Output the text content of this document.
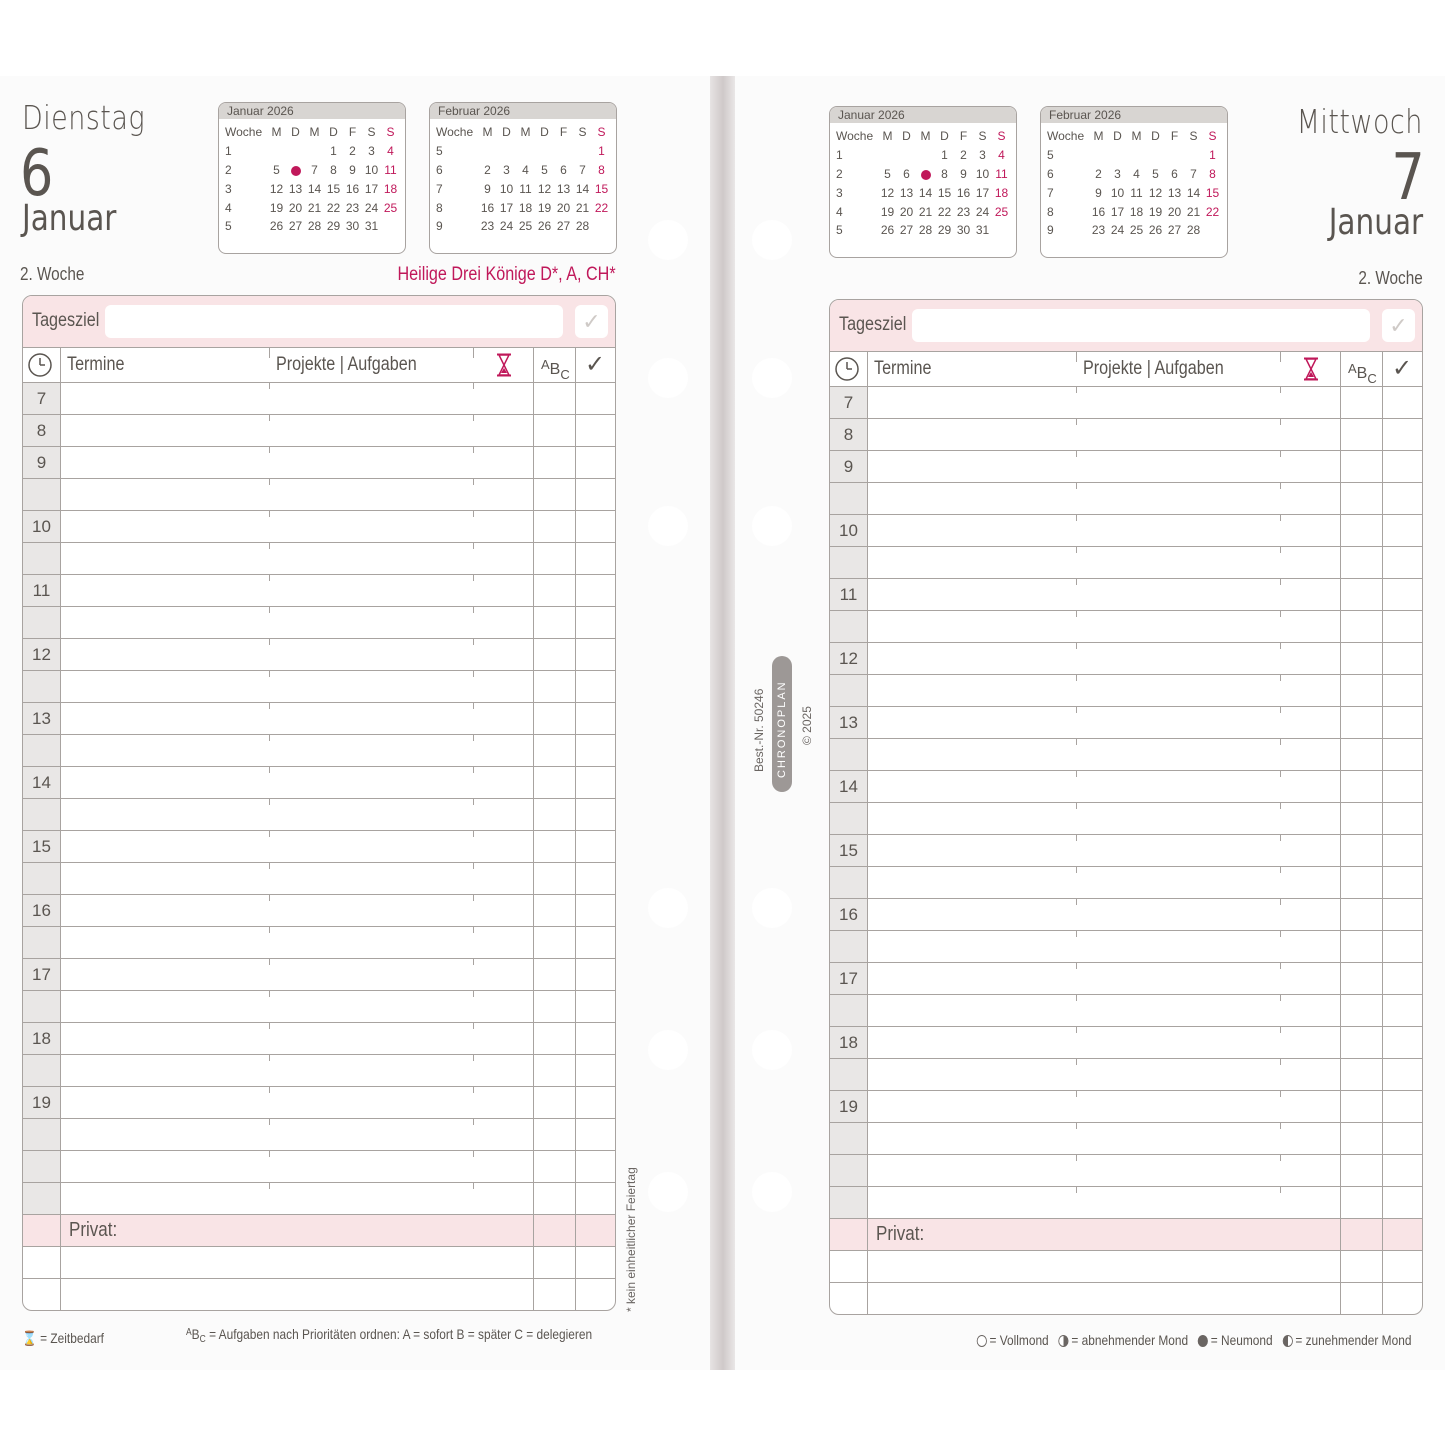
Dienstag
6
Januar
Januar 2026
Woche	M	D	M	D	F	S	S
1				1	2	3	4
2	5		7	8	9	10	11
3	12	13	14	15	16	17	18
4	19	20	21	22	23	24	25
5	26	27	28	29	30	31	
Februar 2026
Woche	M	D	M	D	F	S	S
5							1
6	2	3	4	5	6	7	8
7	9	10	11	12	13	14	15
8	16	17	18	19	20	21	22
9	23	24	25	26	27	28	
2. Woche	Heilige Drei Könige D*, A, CH*
Tagesziel	✓
Termine	Projekte | Aufgaben	$^AB_C$ ✓
7
8
9
10
11
12
13
14
15
16
17
18
19
Privat:	* kein einheitlicher Feiertag
⌛ = Zeitbedarf	$^AB_C$ = Aufgaben nach Prioritäten ordnen: A = sofort B = später C = delegieren
Januar 2026
Woche	M	D	M	D	F	S	S
1				1	2	3	4
2	5	6		8	9	10	11
3	12	13	14	15	16	17	18
4	19	20	21	22	23	24	25
5	26	27	28	29	30	31	
Februar 2026
Woche	M	D	M	D	F	S	S
5							1
6	2	3	4	5	6	7	8
7	9	10	11	12	13	14	15
8	16	17	18	19	20	21	22
9	23	24	25	26	27	28	
Mittwoch
7
Januar
2. Woche
Tagesziel	✓
Termine	Projekte | Aufgaben	$^AB_C$ ✓
7
8
9
10
11
12
13
14
15
16
17
18
19
Privat:
= Vollmond = abnehmender Mond = Neumond = zunehmender Mond
Best.-Nr. 50246 CHRONOPLAN © 2025
